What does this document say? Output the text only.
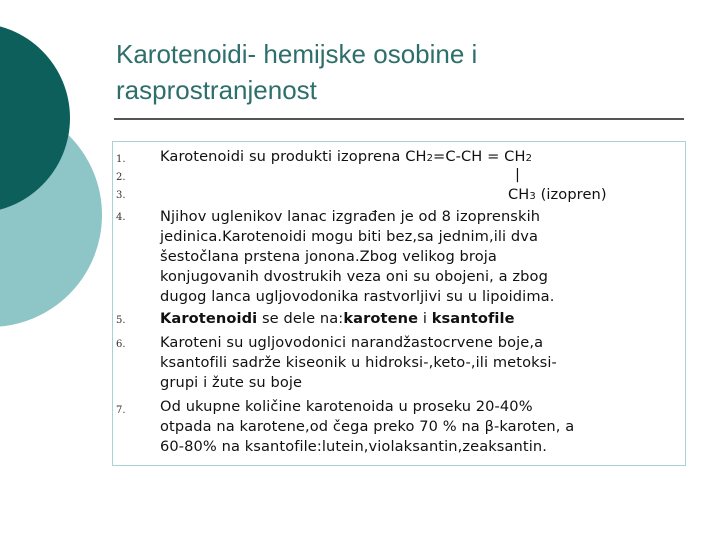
Karotenoidi- hemijske osobine i
rasprostranjenost
1.
2.
3.
4.
5.
6.
7.
Karotenoidi su produkti izoprena CH2=C-CH = CH2
|
CH3 (izopren)
Njihov uglenikov lanac izgrađen je od 8 izoprenskih
jedinica.Karotenoidi mogu biti bez,sa jednim,ili dva
šestočlana prstena jonona.Zbog velikog broja
konjugovanih dvostrukih veza oni su obojeni, a zbog
dugog lanca ugljovodonika rastvorljivi su u lipoidima.
Karotenoidi se dele na:karotene i ksantofile
Karoteni su ugljovodonici narandžastocrvene boje,a
ksantofili sadrže kiseonik u hidroksi-,keto-,ili metoksi-
grupi i žute su boje
Od ukupne količine karotenoida u proseku 20-40%
otpada na karotene,od čega preko 70 % na β-karoten, a
60-80% na ksantofile:lutein,violaksantin,zeaksantin.
